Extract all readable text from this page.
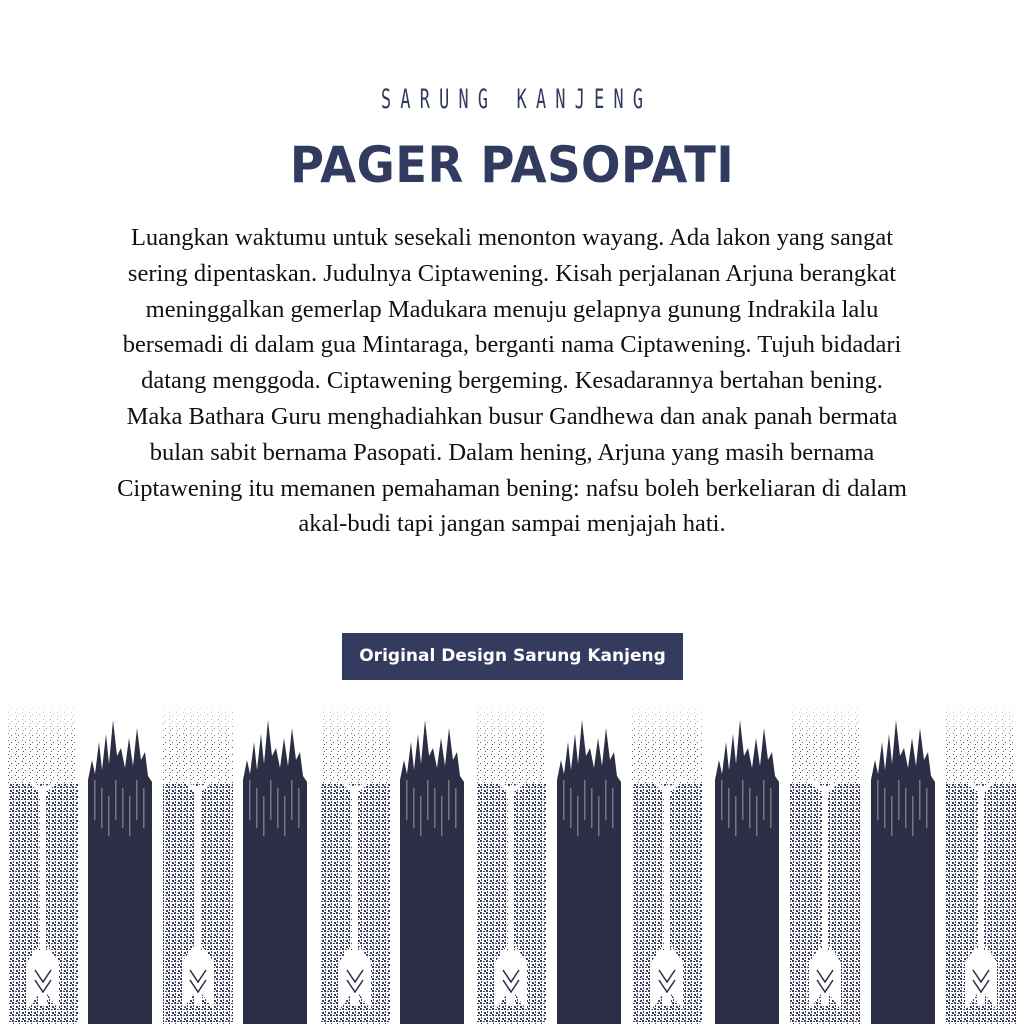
SARUNG KANJENG
PAGER PASOPATI

Luangkan waktumu untuk sesekali menonton wayang. Ada lakon yang sangat sering dipentaskan. Judulnya Ciptawening. Kisah perjalanan Arjuna berangkat meninggalkan gemerlap Madukara menuju gelapnya gunung Indrakila lalu bersemadi di dalam gua Mintaraga, berganti nama Ciptawening. Tujuh bidadari datang menggoda. Ciptawening bergeming. Kesadarannya bertahan bening. Maka Bathara Guru menghadiahkan busur Gandhewa dan anak panah bermata bulan sabit bernama Pasopati. Dalam hening, Arjuna yang masih bernama Ciptawening itu memanen pemahaman bening: nafsu boleh berkeliaran di dalam akal-budi tapi jangan sampai menjajah hati.

Original Design Sarung Kanjeng
